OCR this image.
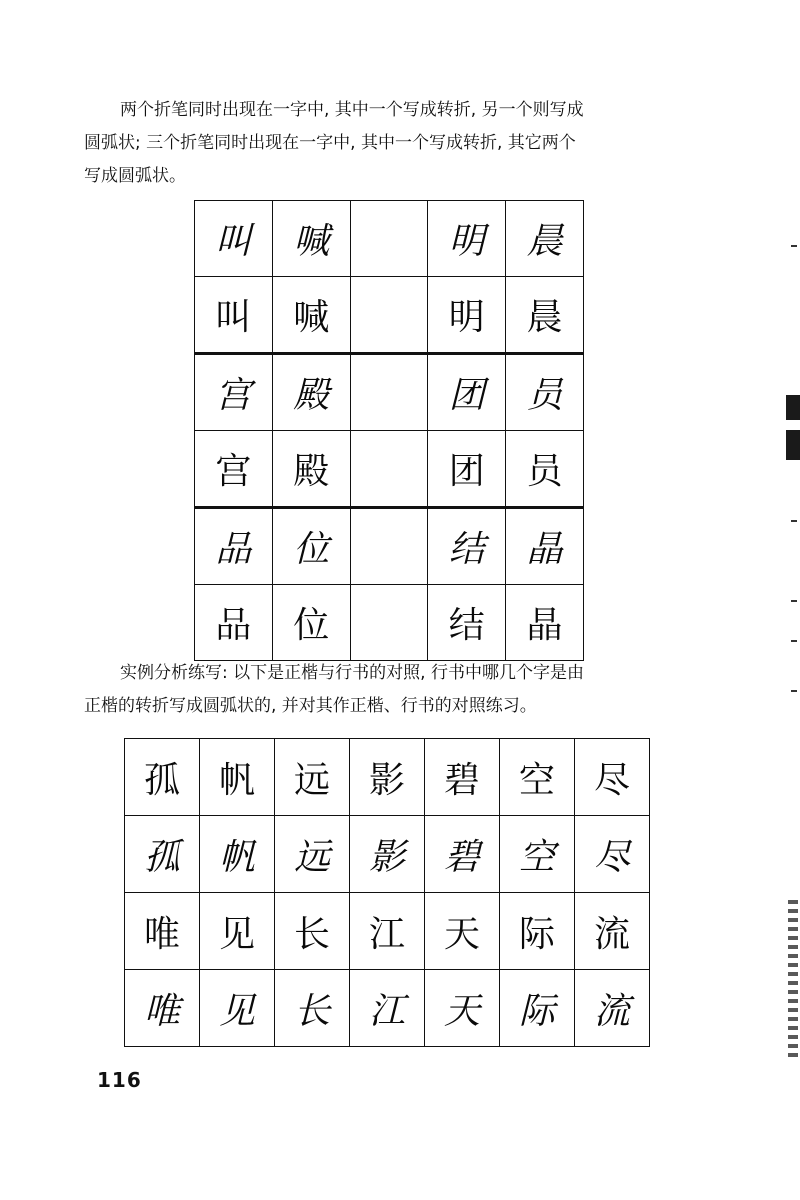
两个折笔同时出现在一字中, 其中一个写成转折, 另一个则写成
圆弧状; 三个折笔同时出现在一字中, 其中一个写成转折, 其它两个
写成圆弧状。

叫	喊		明	晨
叫	喊		明	晨
宫	殿		团	员
宫	殿		团	员
品	位		结	晶
品	位		结	晶

实例分析练写: 以下是正楷与行书的对照, 行书中哪几个字是由
正楷的转折写成圆弧状的, 并对其作正楷、行书的对照练习。

孤	帆	远	影	碧	空	尽
孤	帆	远	影	碧	空	尽
唯	见	长	江	天	际	流
唯	见	长	江	天	际	流
116
